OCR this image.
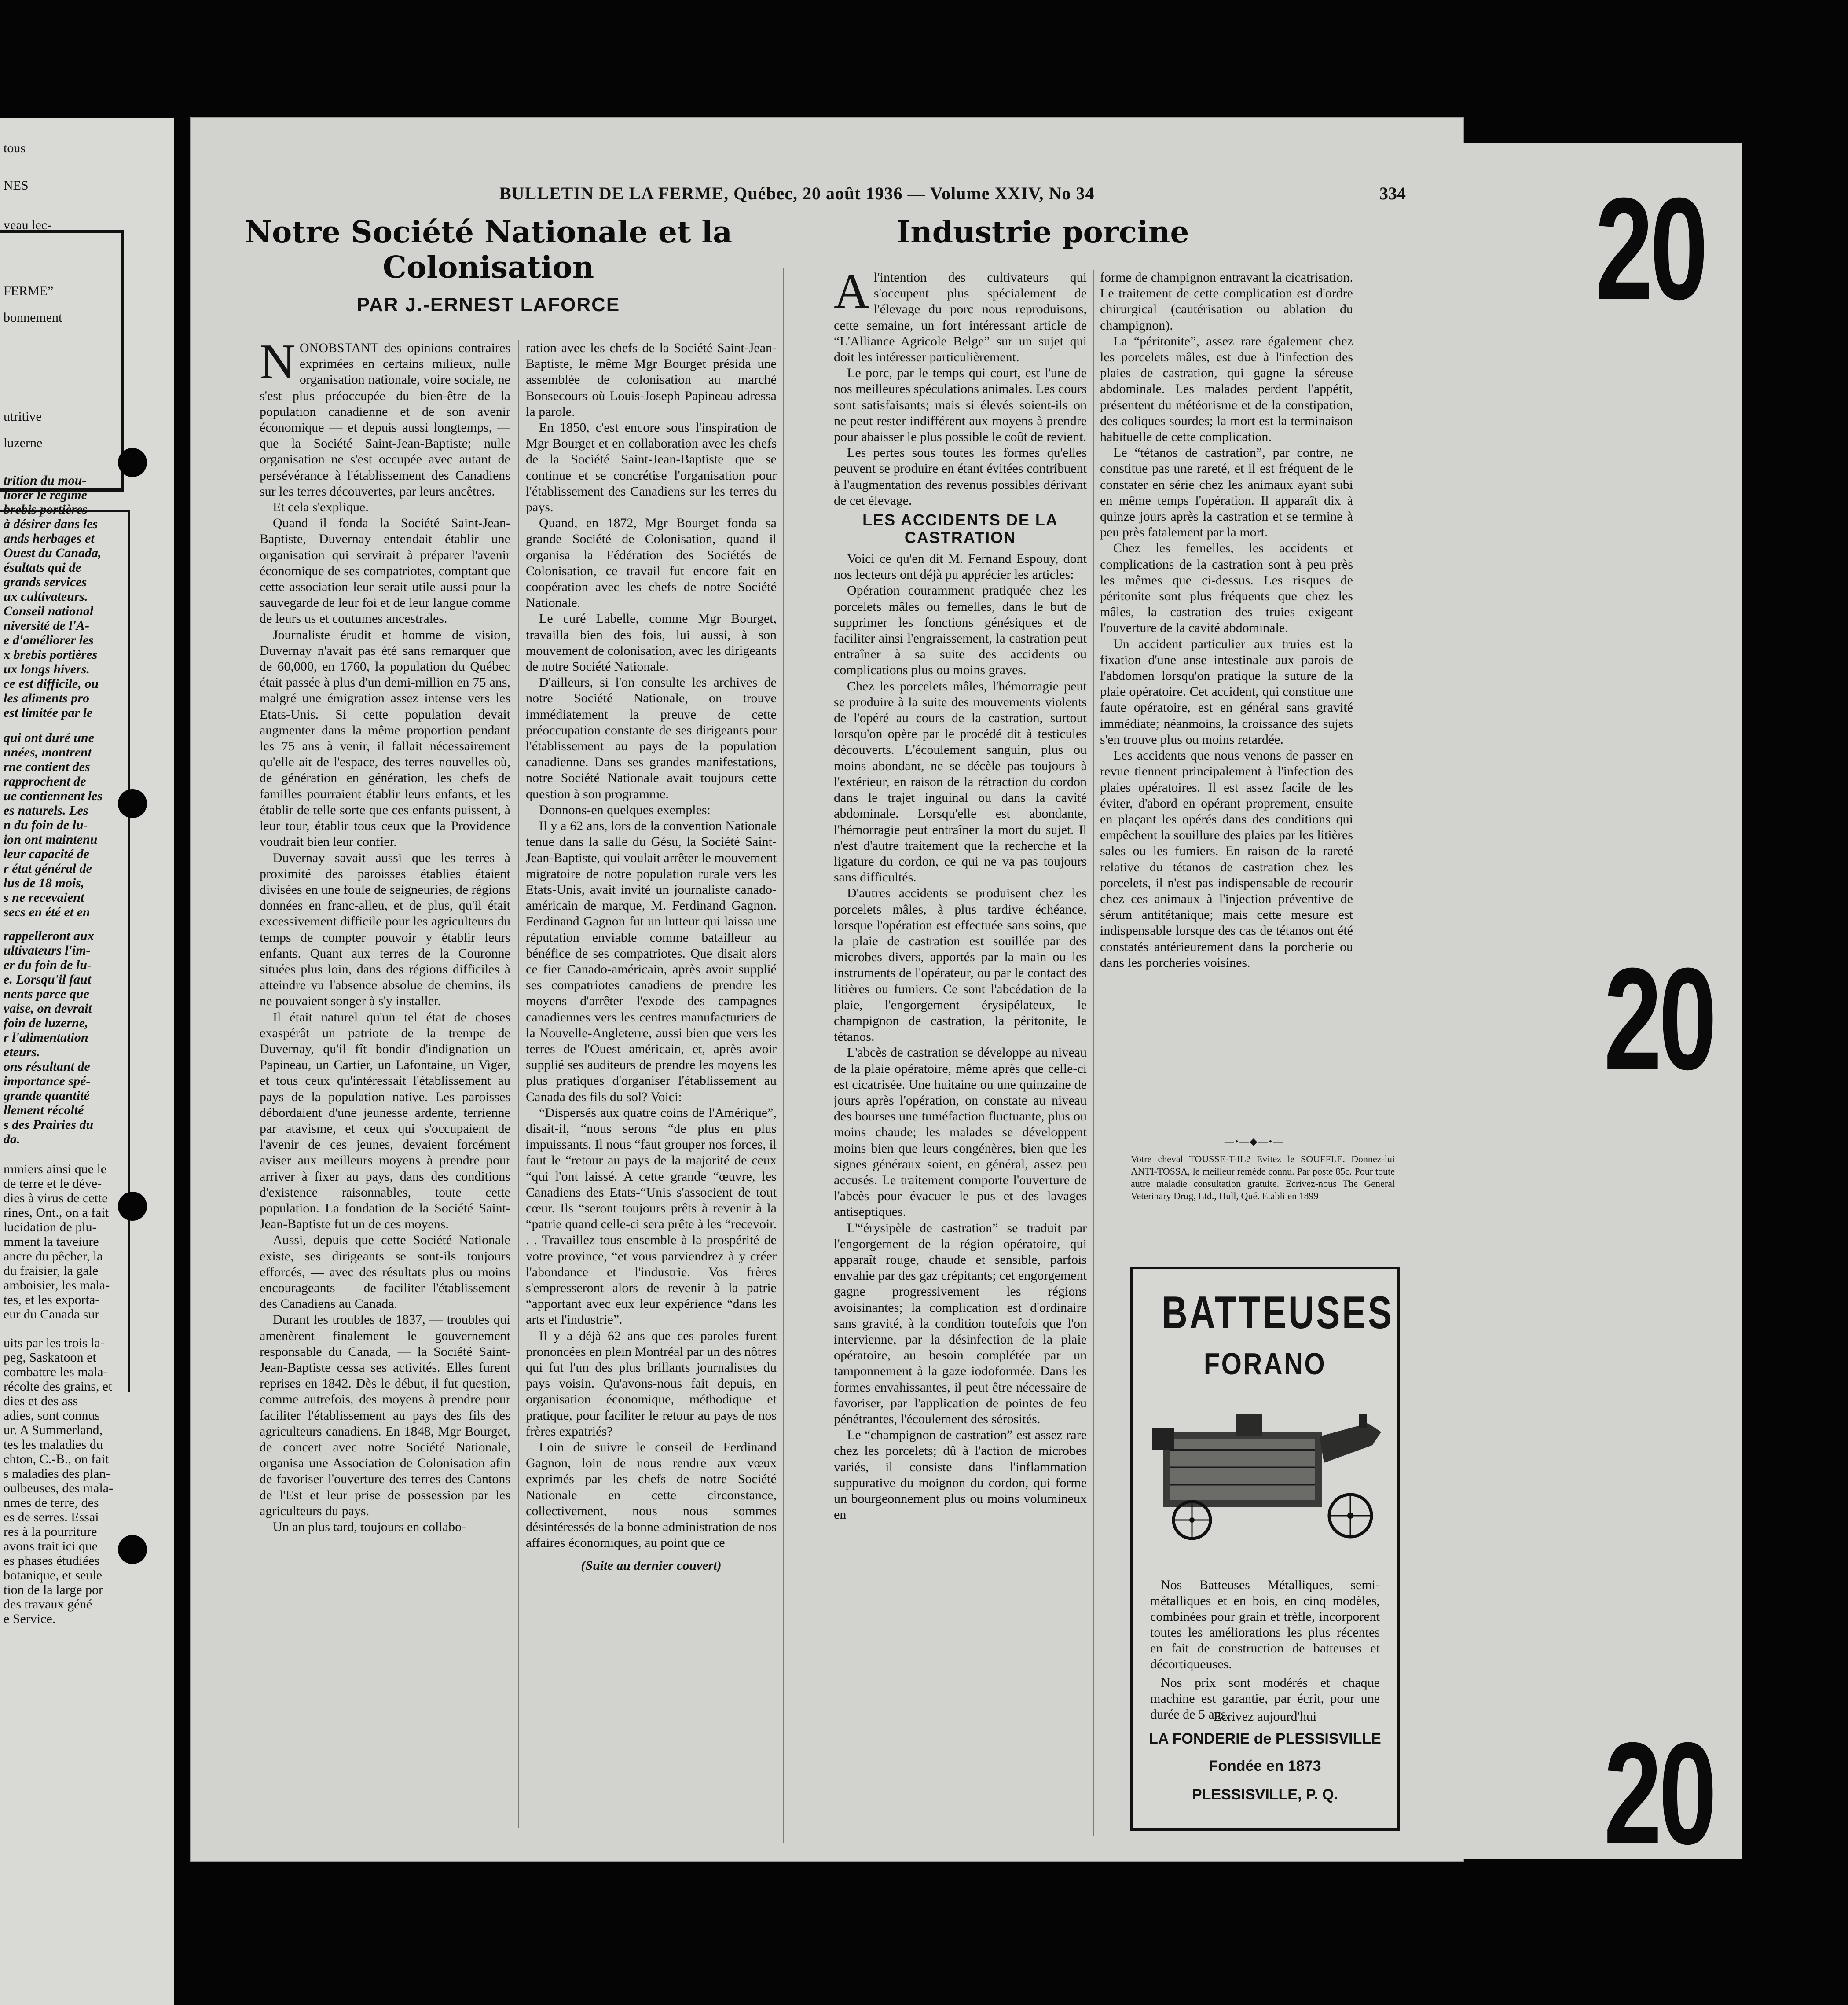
tous
NES
veau lec-
FERME”
bonnement
utritive
luzerne
trition du mou-
liorer le régime
brebis portières
à désirer dans les
ands herbages et
Ouest du Canada,
ésultats qui de
grands services
ux cultivateurs.
Conseil national
niversité de l'A-
e d'améliorer les
x brebis portières
ux longs hivers.
ce est difficile, ou
les aliments pro
est limitée par le
qui ont duré une
nnées, montrent
rne contient des
rapprochent de
ue contiennent les
es naturels. Les
n du foin de lu-
ion ont maintenu
leur capacité de
r état général de
lus de 18 mois,
s ne recevaient
secs en été et en
rappelleront aux
ultivateurs l'im-
er du foin de lu-
e. Lorsqu'il faut
nents parce que
vaise, on devrait
foin de luzerne,
r l'alimentation
eteurs.
ons résultant de
importance spé-
grande quantité
llement récolté
s des Prairies du
da.
mmiers ainsi que le
de terre et le déve-
dies à virus de cette
rines, Ont., on a fait
lucidation de plu-
mment la taveiure
ancre du pêcher, la
du fraisier, la gale
amboisier, les mala-
tes, et les exporta-
eur du Canada sur
uits par les trois la-
peg, Saskatoon et
combattre les mala-
récolte des grains, et
dies et des ass
adies, sont connus
ur. A Summerland,
tes les maladies du
chton, C.-B., on fait
s maladies des plan-
oulbeuses, des mala-
nmes de terre, des
es de serres. Essai
res à la pourriture
avons trait ici que
es phases étudiées
botanique, et seule
tion de la large por
des travaux géné
e Service.
BULLETIN DE LA FERME, Québec, 20 août 1936 — Volume XXIV, No 34	334
Notre Société Nationale et la
Colonisation
PAR J.-ERNEST LAFORCE
N ONOBSTANT des opinions contraires exprimées en certains milieux, nulle organisation nationale, voire sociale, ne s'est plus préoccupée du bien-être de la population canadienne et de son avenir économique — et depuis aussi longtemps, — que la Société Saint-Jean-Baptiste; nulle organisation ne s'est occupée avec autant de persévérance à l'établissement des Canadiens sur les terres découvertes, par leurs ancêtres.

Et cela s'explique.

Quand il fonda la Société Saint-Jean-Baptiste, Duvernay entendait établir une organisation qui servirait à préparer l'avenir économique de ses compatriotes, comptant que cette association leur serait utile aussi pour la sauvegarde de leur foi et de leur langue comme de leurs us et coutumes ancestrales.

Journaliste érudit et homme de vision, Duvernay n'avait pas été sans remarquer que de 60,000, en 1760, la population du Québec était passée à plus d'un demi-million en 75 ans, malgré une émigration assez intense vers les Etats-Unis. Si cette population devait augmenter dans la même proportion pendant les 75 ans à venir, il fallait nécessairement qu'elle ait de l'espace, des terres nouvelles où, de génération en génération, les chefs de familles pourraient établir leurs enfants, et les établir de telle sorte que ces enfants puissent, à leur tour, établir tous ceux que la Providence voudrait bien leur confier.

Duvernay savait aussi que les terres à proximité des paroisses établies étaient divisées en une foule de seigneuries, de régions données en franc-alleu, et de plus, qu'il était excessivement difficile pour les agriculteurs du temps de compter pouvoir y établir leurs enfants. Quant aux terres de la Couronne situées plus loin, dans des régions difficiles à atteindre vu l'absence absolue de chemins, ils ne pouvaient songer à s'y installer.

Il était naturel qu'un tel état de choses exaspérât un patriote de la trempe de Duvernay, qu'il fît bondir d'indignation un Papineau, un Cartier, un Lafontaine, un Viger, et tous ceux qu'intéressait l'établissement au pays de la population native. Les paroisses débordaient d'une jeunesse ardente, terrienne par atavisme, et ceux qui s'occupaient de l'avenir de ces jeunes, devaient forcément aviser aux meilleurs moyens à prendre pour arriver à fixer au pays, dans des conditions d'existence raisonnables, toute cette population. La fondation de la Société Saint-Jean-Baptiste fut un de ces moyens.

Aussi, depuis que cette Société Nationale existe, ses dirigeants se sont-ils toujours efforcés, — avec des résultats plus ou moins encourageants — de faciliter l'établissement des Canadiens au Canada.

Durant les troubles de 1837, — troubles qui amenèrent finalement le gouvernement responsable du Canada, — la Société Saint-Jean-Baptiste cessa ses activités. Elles furent reprises en 1842. Dès le début, il fut question, comme autrefois, des moyens à prendre pour faciliter l'établissement au pays des fils des agriculteurs canadiens. En 1848, Mgr Bourget, de concert avec notre Société Nationale, organisa une Association de Colonisation afin de favoriser l'ouverture des terres des Cantons de l'Est et leur prise de possession par les agriculteurs du pays.

Un an plus tard, toujours en collabo-

ration avec les chefs de la Société Saint-Jean-Baptiste, le même Mgr Bourget présida une assemblée de colonisation au marché Bonsecours où Louis-Joseph Papineau adressa la parole.

En 1850, c'est encore sous l'inspiration de Mgr Bourget et en collaboration avec les chefs de la Société Saint-Jean-Baptiste que se continue et se concrétise l'organisation pour l'établissement des Canadiens sur les terres du pays.

Quand, en 1872, Mgr Bourget fonda sa grande Société de Colonisation, quand il organisa la Fédération des Sociétés de Colonisation, ce travail fut encore fait en coopération avec les chefs de notre Société Nationale.

Le curé Labelle, comme Mgr Bourget, travailla bien des fois, lui aussi, à son mouvement de colonisation, avec les dirigeants de notre Société Nationale.

D'ailleurs, si l'on consulte les archives de notre Société Nationale, on trouve immédiatement la preuve de cette préoccupation constante de ses dirigeants pour l'établissement au pays de la population canadienne. Dans ses grandes manifestations, notre Société Nationale avait toujours cette question à son programme.

Donnons-en quelques exemples:

Il y a 62 ans, lors de la convention Nationale tenue dans la salle du Gésu, la Société Saint-Jean-Baptiste, qui voulait arrêter le mouvement migratoire de notre population rurale vers les Etats-Unis, avait invité un journaliste canado-américain de marque, M. Ferdinand Gagnon. Ferdinand Gagnon fut un lutteur qui laissa une réputation enviable comme batailleur au bénéfice de ses compatriotes. Que disait alors ce fier Canado-américain, après avoir supplié ses compatriotes canadiens de prendre les moyens d'arrêter l'exode des campagnes canadiennes vers les centres manufacturiers de la Nouvelle-Angleterre, aussi bien que vers les terres de l'Ouest américain, et, après avoir supplié ses auditeurs de prendre les moyens les plus pratiques d'organiser l'établissement au Canada des fils du sol? Voici:

“Dispersés aux quatre coins de l'Amérique”, disait-il, “nous serons “de plus en plus impuissants. Il nous “faut grouper nos forces, il faut le “retour au pays de la majorité de ceux “qui l'ont laissé. A cette grande “œuvre, les Canadiens des Etats-“Unis s'associent de tout cœur. Ils “seront toujours prêts à revenir à la “patrie quand celle-ci sera prête à les “recevoir. . . Travaillez tous ensemble à la prospérité de votre province, “et vous parviendrez à y créer l'abondance et l'industrie. Vos frères s'empresseront alors de revenir à la patrie “apportant avec eux leur expérience “dans les arts et l'industrie”.

Il y a déjà 62 ans que ces paroles furent prononcées en plein Montréal par un des nôtres qui fut l'un des plus brillants journalistes du pays voisin. Qu'avons-nous fait depuis, en organisation économique, méthodique et pratique, pour faciliter le retour au pays de nos frères expatriés?

Loin de suivre le conseil de Ferdinand Gagnon, loin de nous rendre aux vœux exprimés par les chefs de notre Société Nationale en cette circonstance, collectivement, nous nous sommes désintéressés de la bonne administration de nos affaires économiques, au point que ce

(Suite au dernier couvert)
Industrie porcine
A l'intention des cultivateurs qui s'occupent plus spécialement de l'élevage du porc nous reproduisons, cette semaine, un fort intéressant article de “L'Alliance Agricole Belge” sur un sujet qui doit les intéresser particulièrement.

Le porc, par le temps qui court, est l'une de nos meilleures spéculations animales. Les cours sont satisfaisants; mais si élevés soient-ils on ne peut rester indifférent aux moyens à prendre pour abaisser le plus possible le coût de revient.

Les pertes sous toutes les formes qu'elles peuvent se produire en étant évitées contribuent à l'augmentation des revenus possibles dérivant de cet élevage.

LES ACCIDENTS DE LA CASTRATION

Voici ce qu'en dit M. Fernand Espouy, dont nos lecteurs ont déjà pu apprécier les articles:

Opération couramment pratiquée chez les porcelets mâles ou femelles, dans le but de supprimer les fonctions génésiques et de faciliter ainsi l'engraissement, la castration peut entraîner à sa suite des accidents ou complications plus ou moins graves.

Chez les porcelets mâles, l'hémorragie peut se produire à la suite des mouvements violents de l'opéré au cours de la castration, surtout lorsqu'on opère par le procédé dit à testicules découverts. L'écoulement sanguin, plus ou moins abondant, ne se décèle pas toujours à l'extérieur, en raison de la rétraction du cordon dans le trajet inguinal ou dans la cavité abdominale. Lorsqu'elle est abondante, l'hémorragie peut entraîner la mort du sujet. Il n'est d'autre traitement que la recherche et la ligature du cordon, ce qui ne va pas toujours sans difficultés.

D'autres accidents se produisent chez les porcelets mâles, à plus tardive échéance, lorsque l'opération est effectuée sans soins, que la plaie de castration est souillée par des microbes divers, apportés par la main ou les instruments de l'opérateur, ou par le contact des litières ou fumiers. Ce sont l'abcédation de la plaie, l'engorgement érysipélateux, le champignon de castration, la péritonite, le tétanos.

L'abcès de castration se développe au niveau de la plaie opératoire, même après que celle-ci est cicatrisée. Une huitaine ou une quinzaine de jours après l'opération, on constate au niveau des bourses une tuméfaction fluctuante, plus ou moins chaude; les malades se développent moins bien que leurs congénères, bien que les signes généraux soient, en général, assez peu accusés. Le traitement comporte l'ouverture de l'abcès pour évacuer le pus et des lavages antiseptiques.

L'“érysipèle de castration” se traduit par l'engorgement de la région opératoire, qui apparaît rouge, chaude et sensible, parfois envahie par des gaz crépitants; cet engorgement gagne progressivement les régions avoisinantes; la complication est d'ordinaire sans gravité, à la condition toutefois que l'on intervienne, par la désinfection de la plaie opératoire, au besoin complétée par un tamponnement à la gaze iodoformée. Dans les formes envahissantes, il peut être nécessaire de favoriser, par l'application de pointes de feu pénétrantes, l'écoulement des sérosités.

Le “champignon de castration” est assez rare chez les porcelets; dû à l'action de microbes variés, il consiste dans l'inflammation suppurative du moignon du cordon, qui forme un bourgeonnement plus ou moins volumineux en

forme de champignon entravant la cicatrisation. Le traitement de cette complication est d'ordre chirurgical (cautérisation ou ablation du champignon).

La “péritonite”, assez rare également chez les porcelets mâles, est due à l'infection des plaies de castration, qui gagne la séreuse abdominale. Les malades perdent l'appétit, présentent du météorisme et de la constipation, des coliques sourdes; la mort est la terminaison habituelle de cette complication.

Le “tétanos de castration”, par contre, ne constitue pas une rareté, et il est fréquent de le constater en série chez les animaux ayant subi en même temps l'opération. Il apparaît dix à quinze jours après la castration et se termine à peu près fatalement par la mort.

Chez les femelles, les accidents et complications de la castration sont à peu près les mêmes que ci-dessus. Les risques de péritonite sont plus fréquents que chez les mâles, la castration des truies exigeant l'ouverture de la cavité abdominale.

Un accident particulier aux truies est la fixation d'une anse intestinale aux parois de l'abdomen lorsqu'on pratique la suture de la plaie opératoire. Cet accident, qui constitue une faute opératoire, est en général sans gravité immédiate; néanmoins, la croissance des sujets s'en trouve plus ou moins retardée.

Les accidents que nous venons de passer en revue tiennent principalement à l'infection des plaies opératoires. Il est assez facile de les éviter, d'abord en opérant proprement, ensuite en plaçant les opérés dans des conditions qui empêchent la souillure des plaies par les litières sales ou les fumiers. En raison de la rareté relative du tétanos de castration chez les porcelets, il n'est pas indispensable de recourir chez ces animaux à l'injection préventive de sérum antitétanique; mais cette mesure est indispensable lorsque des cas de tétanos ont été constatés antérieurement dans la porcherie ou dans les porcheries voisines.

—•—◆—•—
Votre cheval TOUSSE-T-IL? Evitez le SOUFFLE. Donnez-lui ANTI-TOSSA, le meilleur remède connu. Par poste 85c. Pour toute autre maladie consultation gratuite. Ecrivez-nous The General Veterinary Drug, Ltd., Hull, Qué. Etabli en 1899
BATTEUSES
FORANO

Nos Batteuses Métalliques, semi-métalliques et en bois, en cinq modèles, combinées pour grain et trèfle, incorporent toutes les améliorations les plus récentes en fait de construction de batteuses et décortiqueuses.

Nos prix sont modérés et chaque machine est garantie, par écrit, pour une durée de 5 ans.

Ecrivez aujourd'hui
LA FONDERIE de PLESSISVILLE
Fondée en 1873
PLESSISVILLE, P. Q.
20
20
20
